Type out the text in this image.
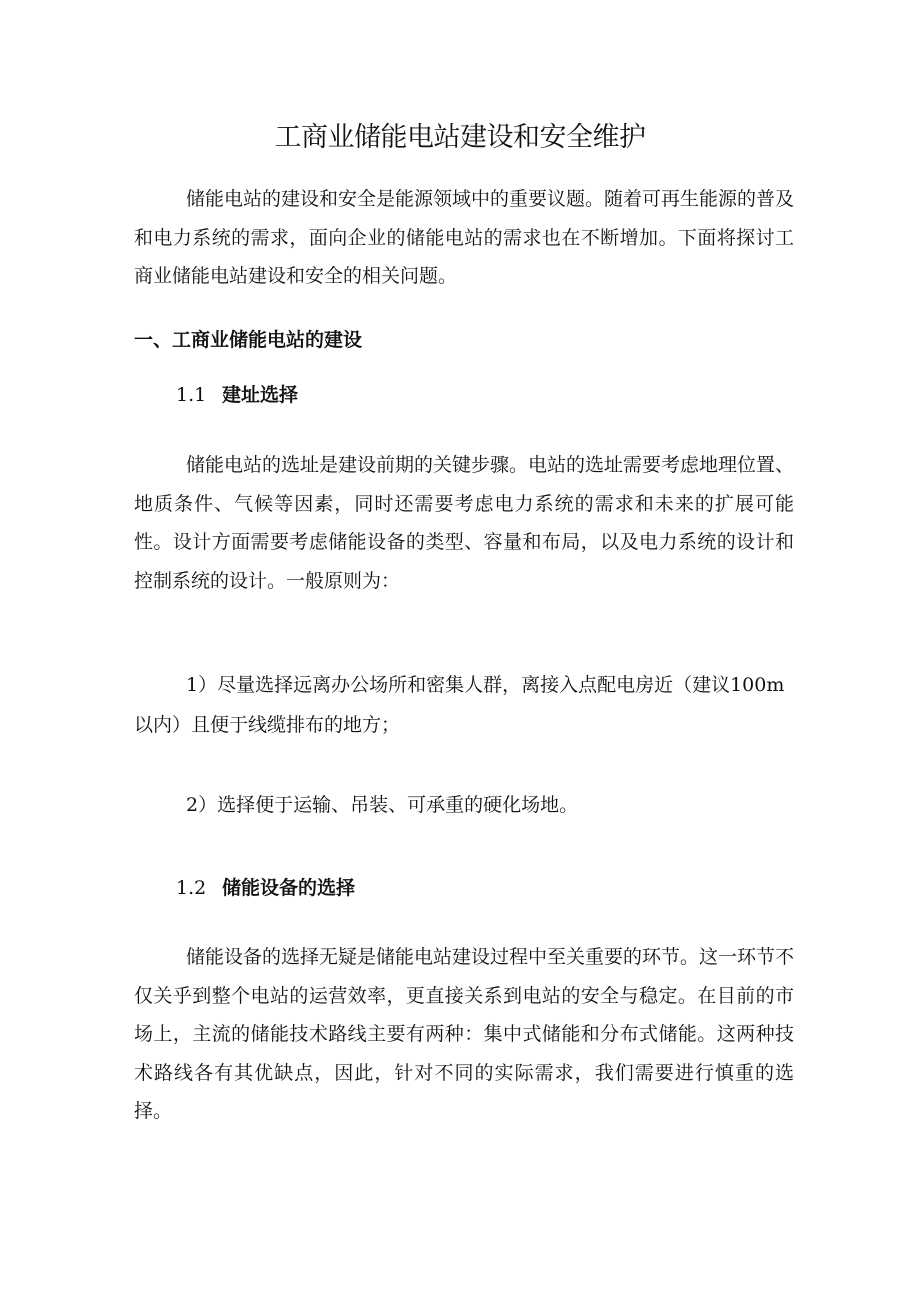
工商业储能电站建设和安全维护

储能电站的建设和安全是能源领域中的重要议题。随着可再生能源的普及和电力系统的需求，面向企业的储能电站的需求也在不断增加。下面将探讨工商业储能电站建设和安全的相关问题。

一、工商业储能电站的建设
1.1 建址选择

储能电站的选址是建设前期的关键步骤。电站的选址需要考虑地理位置、地质条件、气候等因素，同时还需要考虑电力系统的需求和未来的扩展可能性。设计方面需要考虑储能设备的类型、容量和布局，以及电力系统的设计和控制系统的设计。一般原则为：

1）尽量选择远离办公场所和密集人群，离接入点配电房近（建议100m以内）且便于线缆排布的地方；

2）选择便于运输、吊装、可承重的硬化场地。

1.2 储能设备的选择

储能设备的选择无疑是储能电站建设过程中至关重要的环节。这一环节不仅关乎到整个电站的运营效率，更直接关系到电站的安全与稳定。在目前的市场上，主流的储能技术路线主要有两种：集中式储能和分布式储能。这两种技术路线各有其优缺点，因此，针对不同的实际需求，我们需要进行慎重的选择。
